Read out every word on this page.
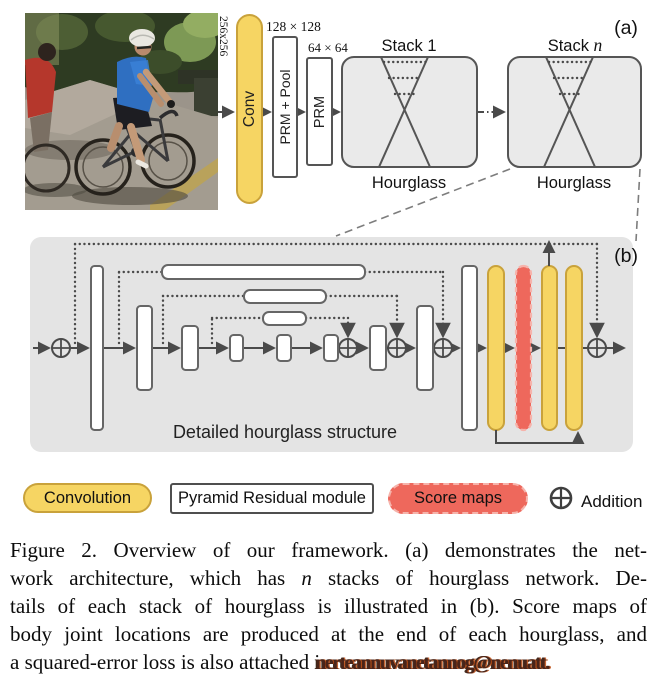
256x256
Conv PRM + Pool PRM
128 × 128
64 × 64 Stack 1
Hourglass
Stack n
Hourglass
(a)
(b)
Detailed hourglass structure
Convolution	Pyramid Residual module	Score maps	Addition
Figure 2. Overview of our framework. (a) demonstrates the net-
work architecture, which has n stacks of hourglass network. De-
tails of each stack of hourglass is illustrated in (b). Score maps of
body joint locations are produced at the end of each hourglass, and
a squared-error loss is also attached inerteannuvanetannog@nenuatt.
